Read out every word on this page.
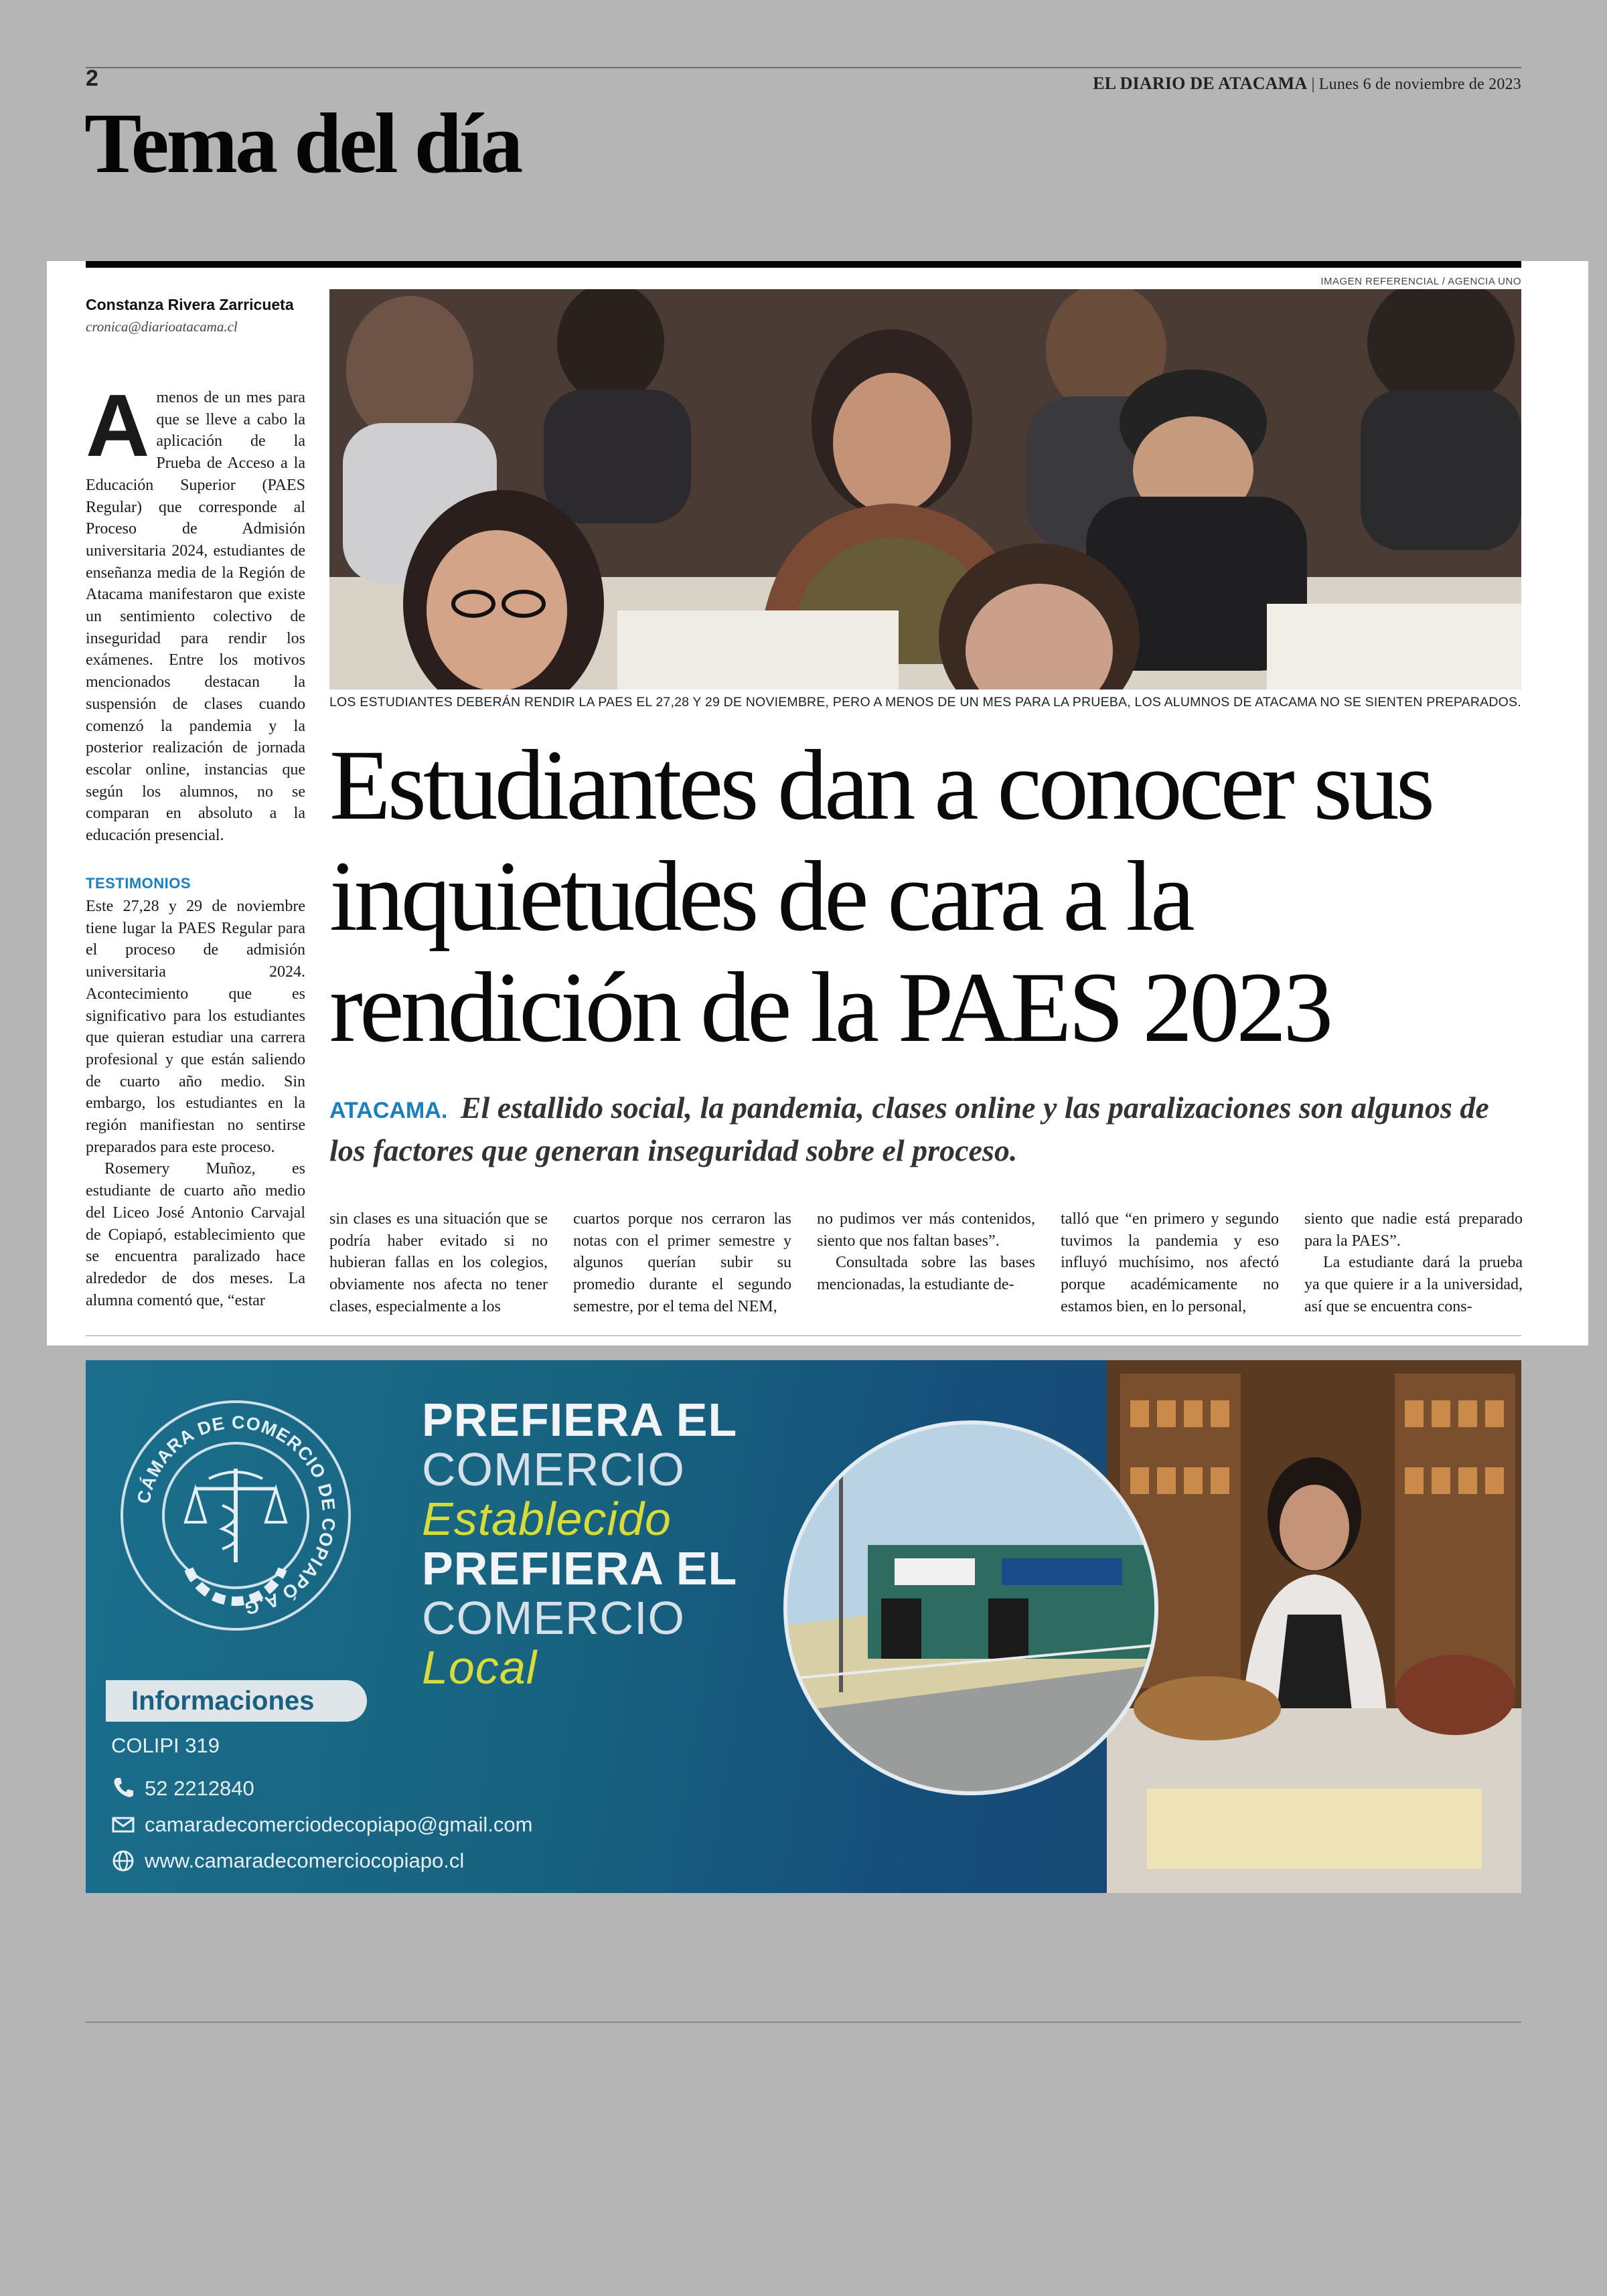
2	EL DIARIO DE ATACAMA | Lunes 6 de noviembre de 2023
Tema del día
IMAGEN REFERENCIAL / AGENCIA UNO
LOS ESTUDIANTES DEBERÁN RENDIR LA PAES EL 27,28 Y 29 DE NOVIEMBRE, PERO A MENOS DE UN MES PARA LA PRUEBA, LOS ALUMNOS DE ATACAMA NO SE SIENTEN PREPARADOS.
Constanza Rivera Zarricueta
cronica@diarioatacama.cl
A menos de un mes para que se lleve a cabo la aplicación de la Prueba de Acceso a la Educación Superior (PAES Regular) que corresponde al Proceso de Admisión universitaria 2024, estudiantes de enseñanza media de la Región de Atacama manifestaron que existe un sentimiento colectivo de inseguridad para rendir los exámenes. Entre los motivos mencionados destacan la suspensión de clases cuando comenzó la pandemia y la posterior realización de jornada escolar online, instancias que según los alumnos, no se comparan en absoluto a la educación presencial.
TESTIMONIOS

Este 27,28 y 29 de noviembre tiene lugar la PAES Regular para el proceso de admisión universitaria 2024. Acontecimiento que es significativo para los estudiantes que quieran estudiar una carrera profesional y que están saliendo de cuarto año medio. Sin embargo, los estudiantes en la región manifiestan no sentirse preparados para este proceso.

Rosemery Muñoz, es estudiante de cuarto año medio del Liceo José Antonio Carvajal de Copiapó, establecimiento que se encuentra paralizado hace alrededor de dos meses. La alumna comentó que, “estar

Estudiantes dan a conocer sus inquietudes de cara a la rendición de la PAES 2023
ATACAMA. El estallido social, la pandemia, clases online y las paralizaciones son algunos de los factores que generan inseguridad sobre el proceso.
sin clases es una situación que se podría haber evitado si no hubieran fallas en los colegios, obviamente nos afecta no tener clases, especialmente a los
cuartos porque nos cerraron las notas con el primer semestre y algunos querían subir su promedio durante el segundo semestre, por el tema del NEM,

no pudimos ver más contenidos, siento que nos faltan bases”.

Consultada sobre las bases mencionadas, la estudiante de-

talló que “en primero y segundo tuvimos la pandemia y eso influyó muchísimo, nos afectó porque académicamente no estamos bien, en lo personal,

siento que nadie está preparado para la PAES”.

La estudiante dará la prueba ya que quiere ir a la universidad, así que se encuentra cons-

CÁMARA DE COMERCIO DE COPIAPÓ A.G
PREFIERA EL
COMERCIO
Establecido
PREFIERA EL
COMERCIO
Local
Informaciones
COLIPI 319
52 2212840
camaradecomerciodecopiapo@gmail.com
www.camaradecomerciocopiapo.cl
